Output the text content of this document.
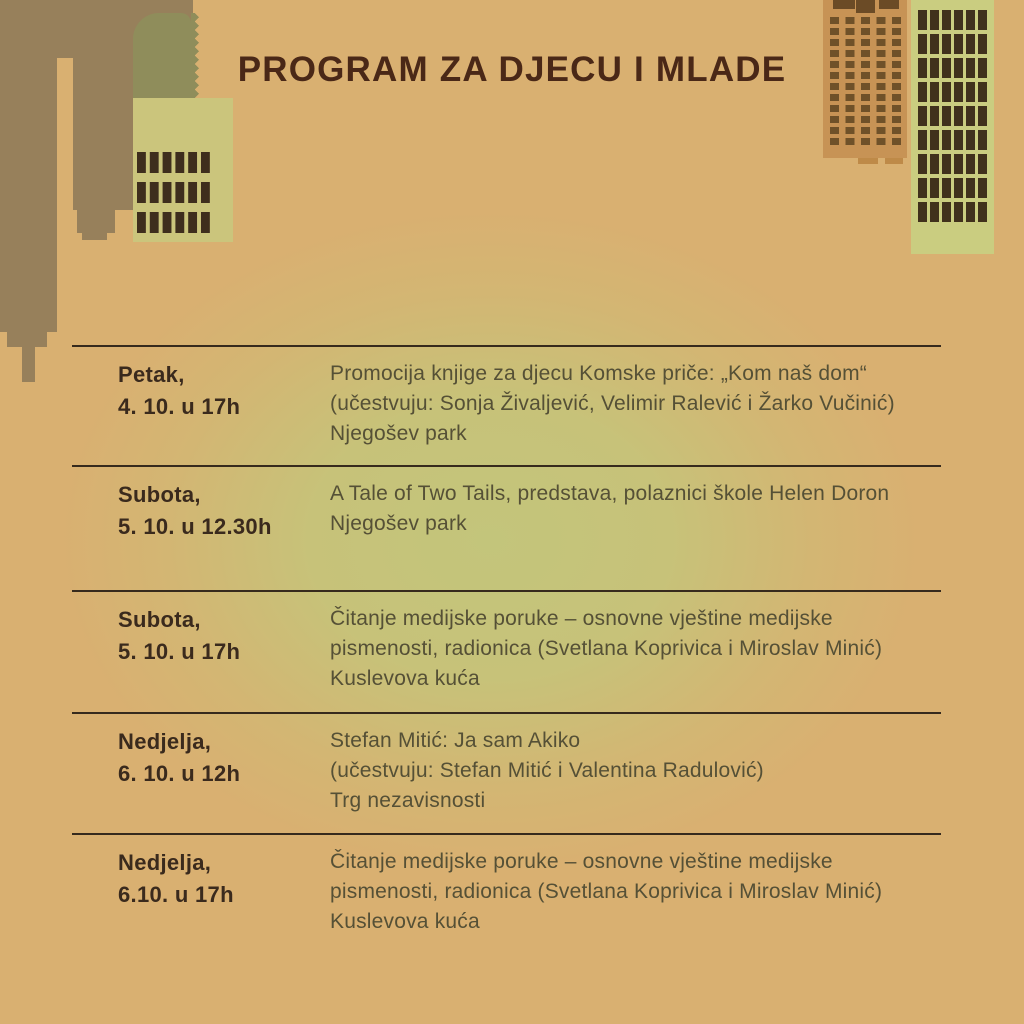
PROGRAM ZA DJECU I MLADE
Petak,
4. 10. u 17h
Promocija knjige za djecu Komske priče: „Kom naš dom“
(učestvuju: Sonja Živaljević, Velimir Ralević i Žarko Vučinić)
Njegošev park
Subota,
5. 10. u 12.30h
A Tale of Two Tails, predstava, polaznici škole Helen Doron
Njegošev park
Subota,
5. 10. u 17h
Čitanje medijske poruke – osnovne vještine medijske
pismenosti, radionica (Svetlana Koprivica i Miroslav Minić)
Kuslevova kuća
Nedjelja,
6. 10. u 12h
Stefan Mitić: Ja sam Akiko
(učestvuju: Stefan Mitić i Valentina Radulović)
Trg nezavisnosti
Nedjelja,
6.10. u 17h
Čitanje medijske poruke – osnovne vještine medijske
pismenosti, radionica (Svetlana Koprivica i Miroslav Minić)
Kuslevova kuća
